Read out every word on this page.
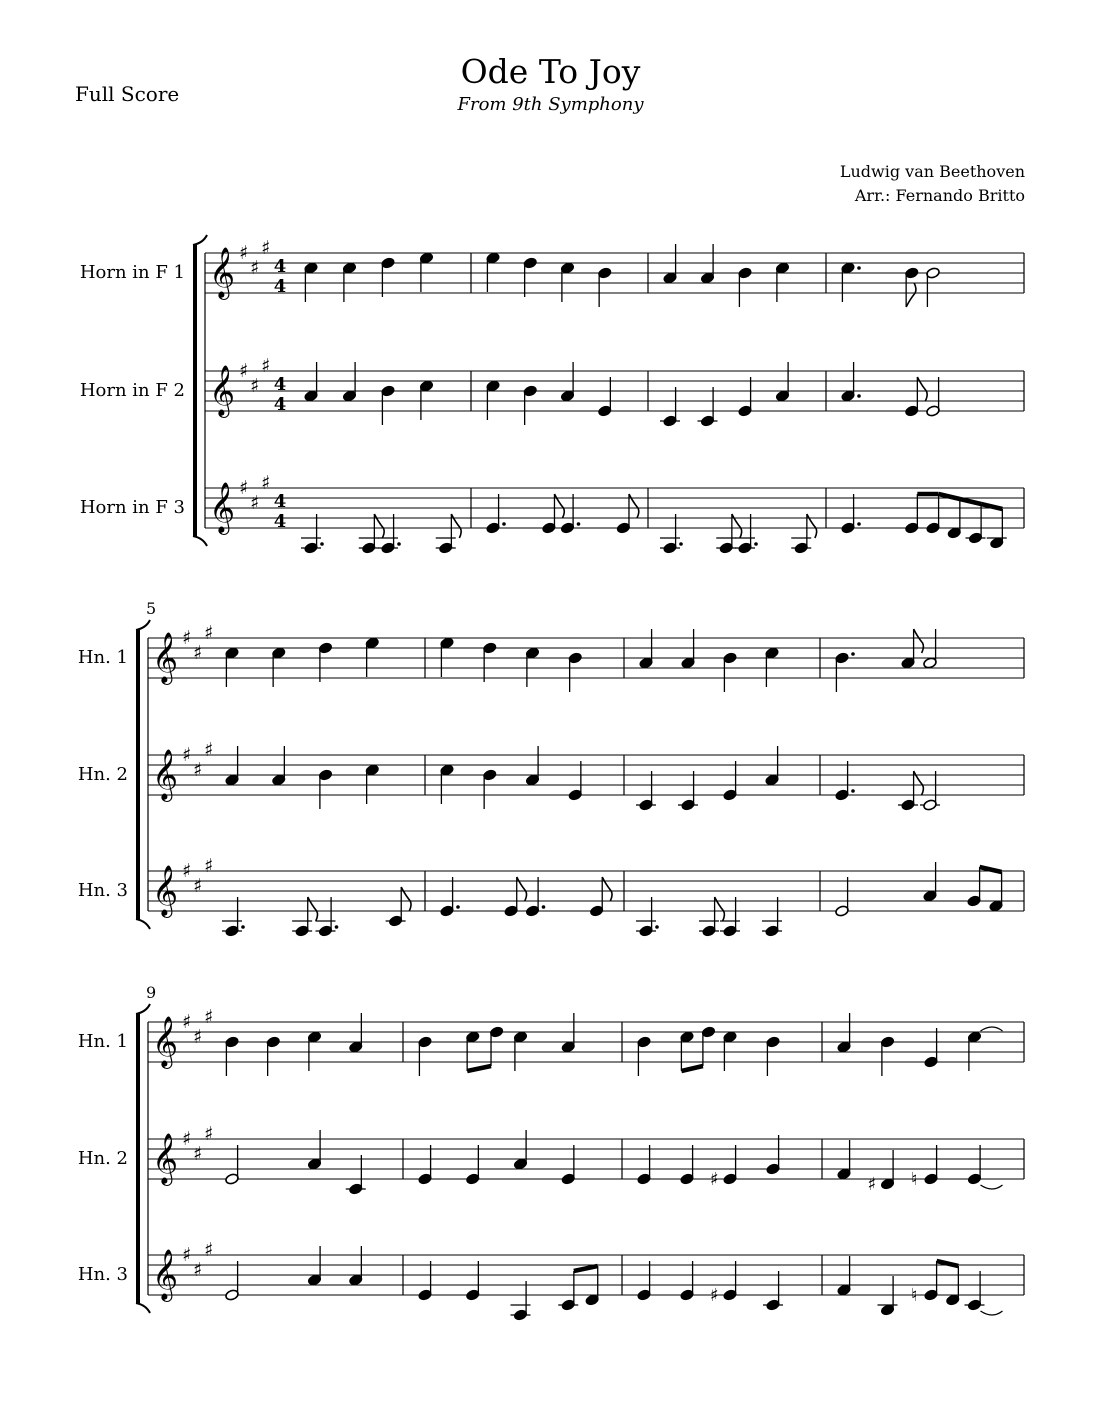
Full Score
Ode To Joy
From 9th Symphony
Ludwig van Beethoven
Arr.: Fernando Britto
Horn in F 1
Horn in F 2
Horn in F 3
5
Hn. 1
Hn. 2
Hn. 3
9
Hn. 1
Hn. 2
Hn. 3
𝄞 ♯
♯
♯
4
4
𝄞 ♯
♯
♯
4
4
𝄞 ♯
♯
♯
4
4
𝄞 ♯
♯
♯
𝄞 ♯
♯
♯
𝄞 ♯
♯
♯
𝄞 ♯
♯
♯
𝄞 ♯
♯
♯
♯	♯ ♮
𝄞 ♯
♯
♯
♯	♮
